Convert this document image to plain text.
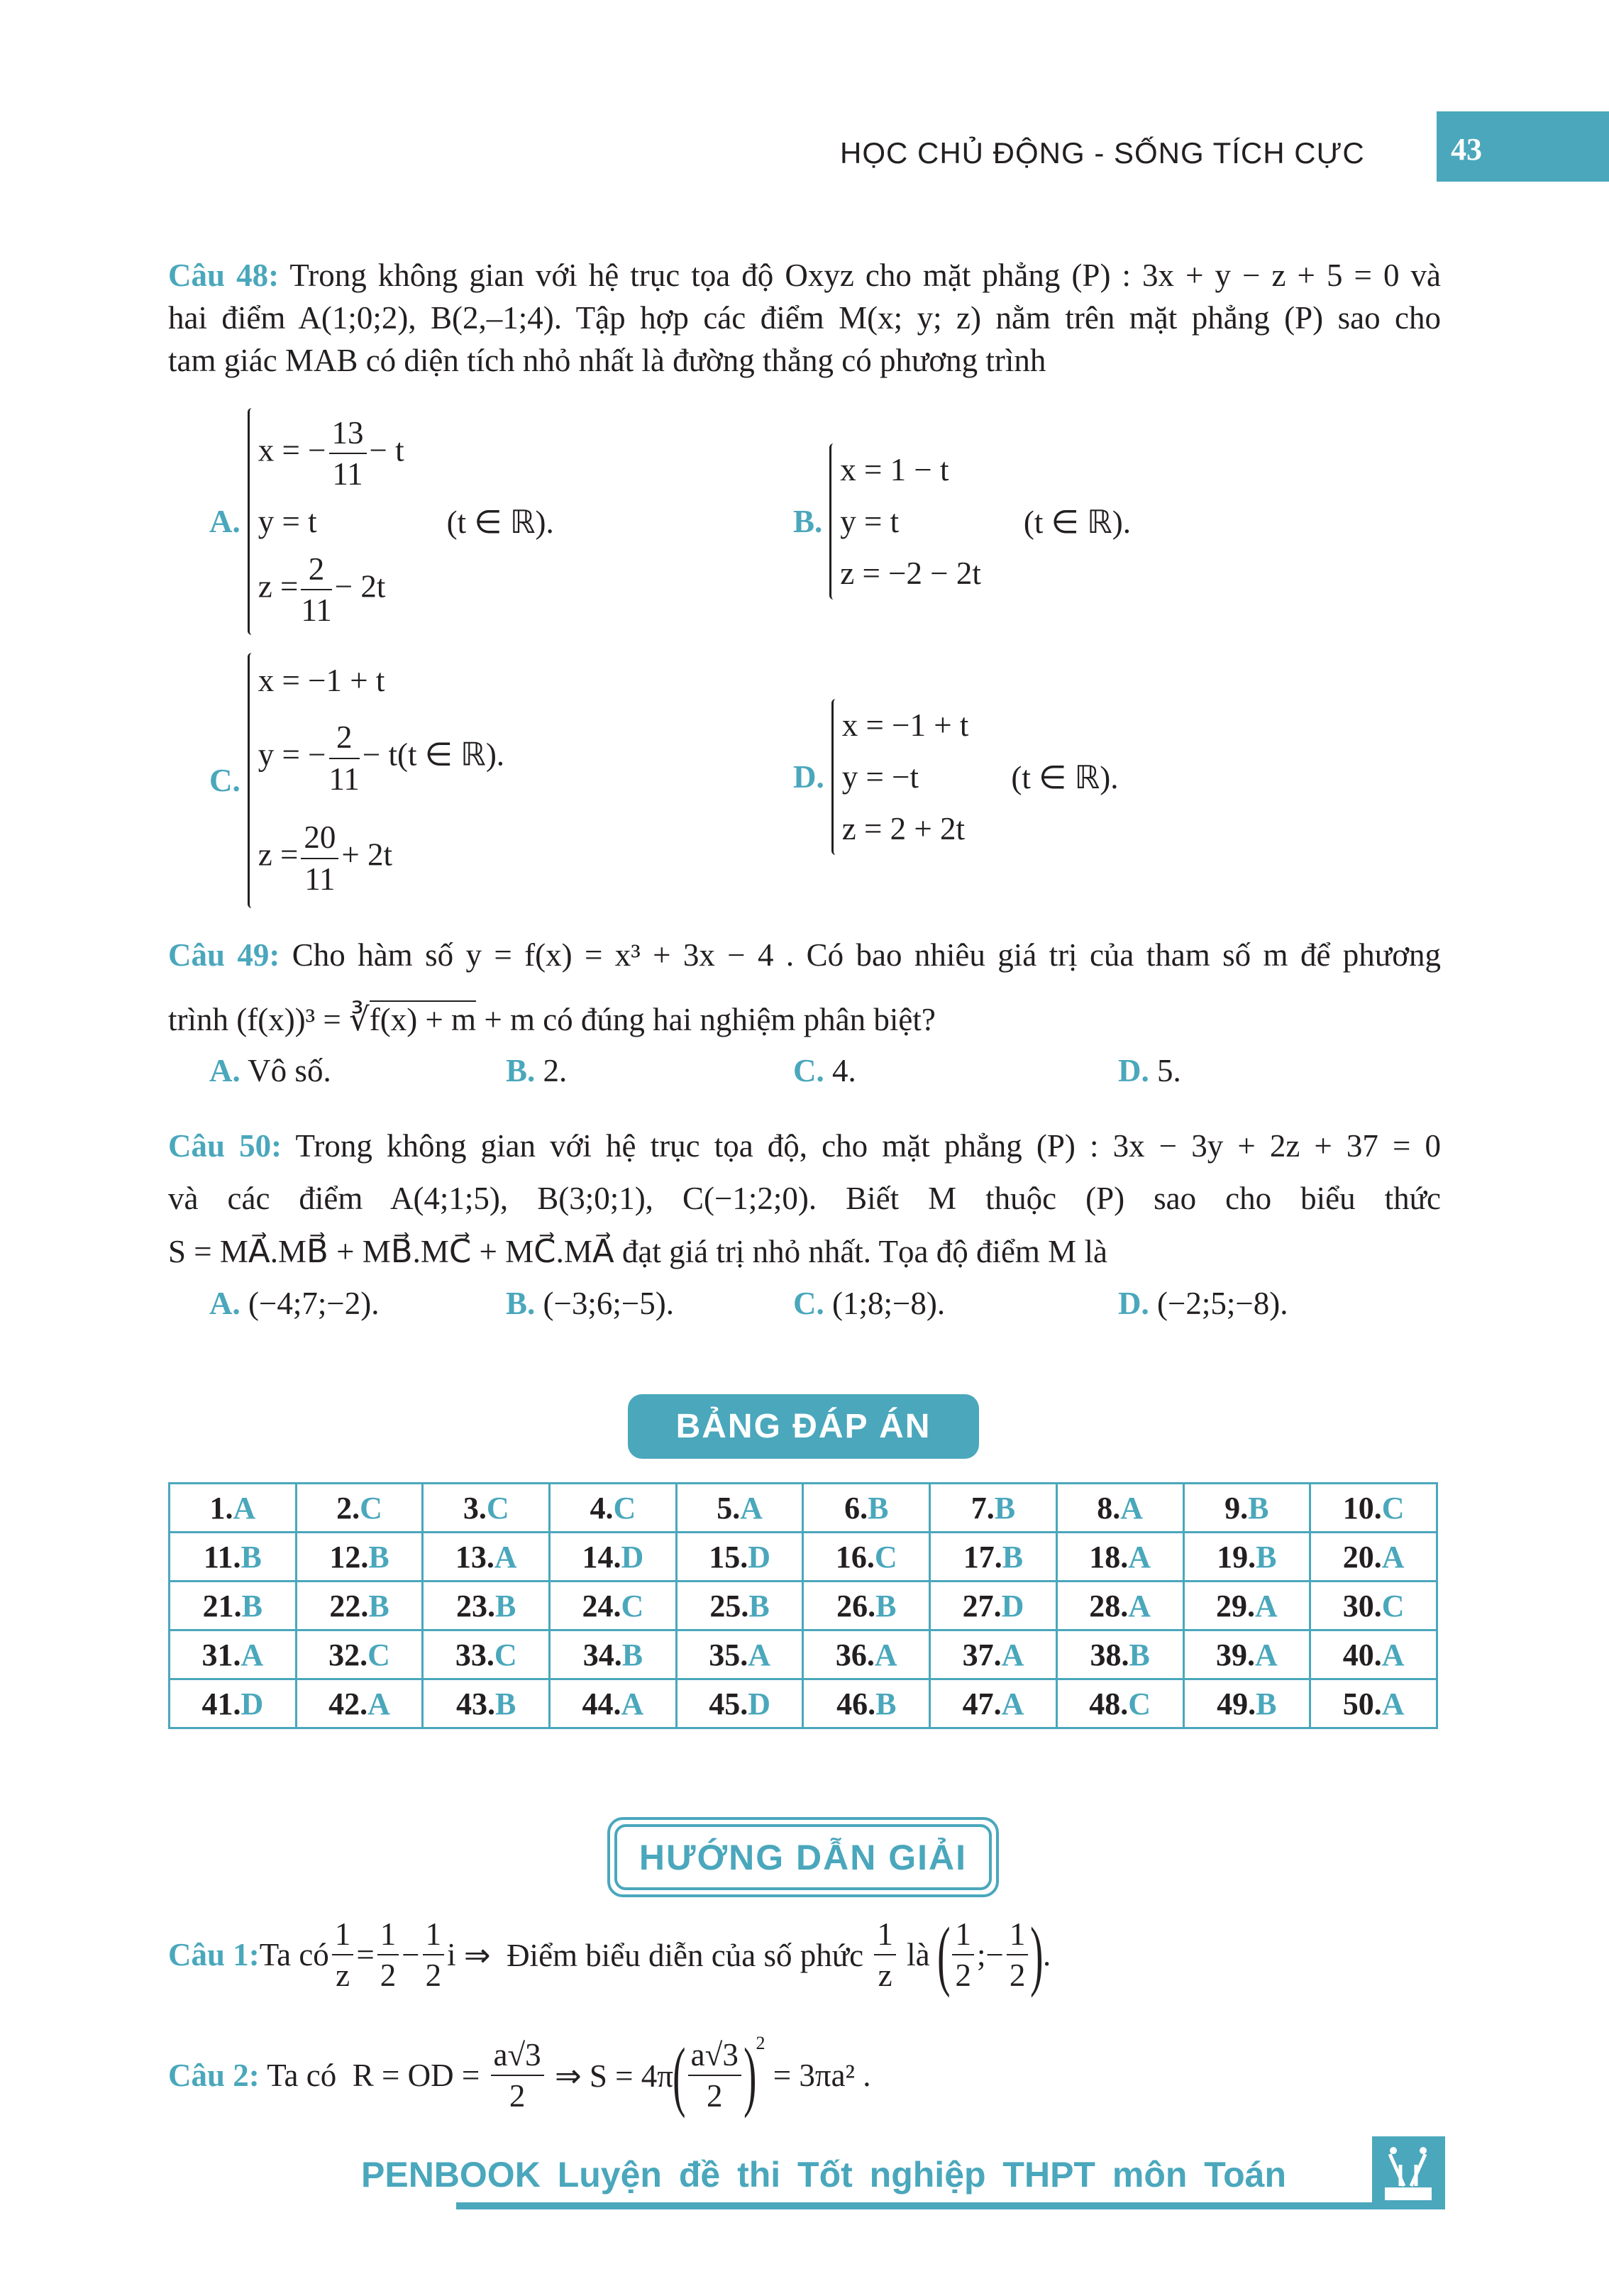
HỌC CHỦ ĐỘNG - SỐNG TÍCH CỰC	43
Câu 48: Trong không gian với hệ trục tọa độ Oxyz cho mặt phẳng (P) : 3x + y − z + 5 = 0 và
hai điểm A(1;0;2), B(2,–1;4). Tập hợp các điểm M(x; y; z) nằm trên mặt phẳng (P) sao cho
tam giác MAB có diện tích nhỏ nhất là đường thẳng có phương trình
A.
x = − $\frac{13}{11} - t$
y = t
$z = \frac{2}{11} - 2t$
(t ∈ ℝ).	B.
x = 1 − t
y = t
z = −2 − 2t
(t ∈ ℝ).
C.
x = −1 + t
y = − $\frac{2}{11} - t(t$ ∈ ℝ).
$z = \frac{20}{11} + 2t$
D.
x = −1 + t
y = −t
z = 2 + 2t
(t ∈ ℝ).
Câu 49: Cho hàm số y = f(x) = x³ + 3x − 4 . Có bao nhiêu giá trị của tham số m để phương
trình (f(x))³ = ∛f(x) + m + m có đúng hai nghiệm phân biệt?
Câu 50: Trong không gian với hệ trục tọa độ, cho mặt phẳng (P) : 3x − 3y + 2z + 37 = 0
và các điểm A(4;1;5), B(3;0;1), C(−1;2;0). Biết M thuộc (P) sao cho biểu thức
S = MA⃗.MB⃗ + MB⃗.MC⃗ + MC⃗.MA⃗ đạt giá trị nhỏ nhất. Tọa độ điểm M là
BẢNG ĐÁP ÁN
1.A	2.C	3.C	4.C	5.A	6.B	7.B	8.A	9.B	10.C
11.B	12.B	13.A	14.D	15.D	16.C	17.B	18.A	19.B	20.A
21.B	22.B	23.B	24.C	25.B	26.B	27.D	28.A	29.A	30.C
31.A	32.C	33.C	34.B	35.A	36.A	37.A	38.B	39.A	40.A
41.D	42.A	43.B	44.A	45.D	46.B	47.A	48.C	49.B	50.A
HƯỚNG DẪN GIẢI
Câu 1: Ta có
1
z
=
1
2
−
1
2
i ⇒  Điểm biểu diễn của số phức
1
z
là ( 1
2
;−
1
2 ) .
Câu 2: Ta có  R = OD = $\frac{a√3}{2}$ ⇒ S = 4π ( a√3
2 )$^2$
= 3πa² .
PENBOOK Luyện đề thi Tốt nghiệp THPT môn Toán
A. Vô số.	B. 2.	C. 4.	D. 5.
A. (−4;7;−2).	B. (−3;6;−5).	C. (1;8;−8).	D. (−2;5;−8).
